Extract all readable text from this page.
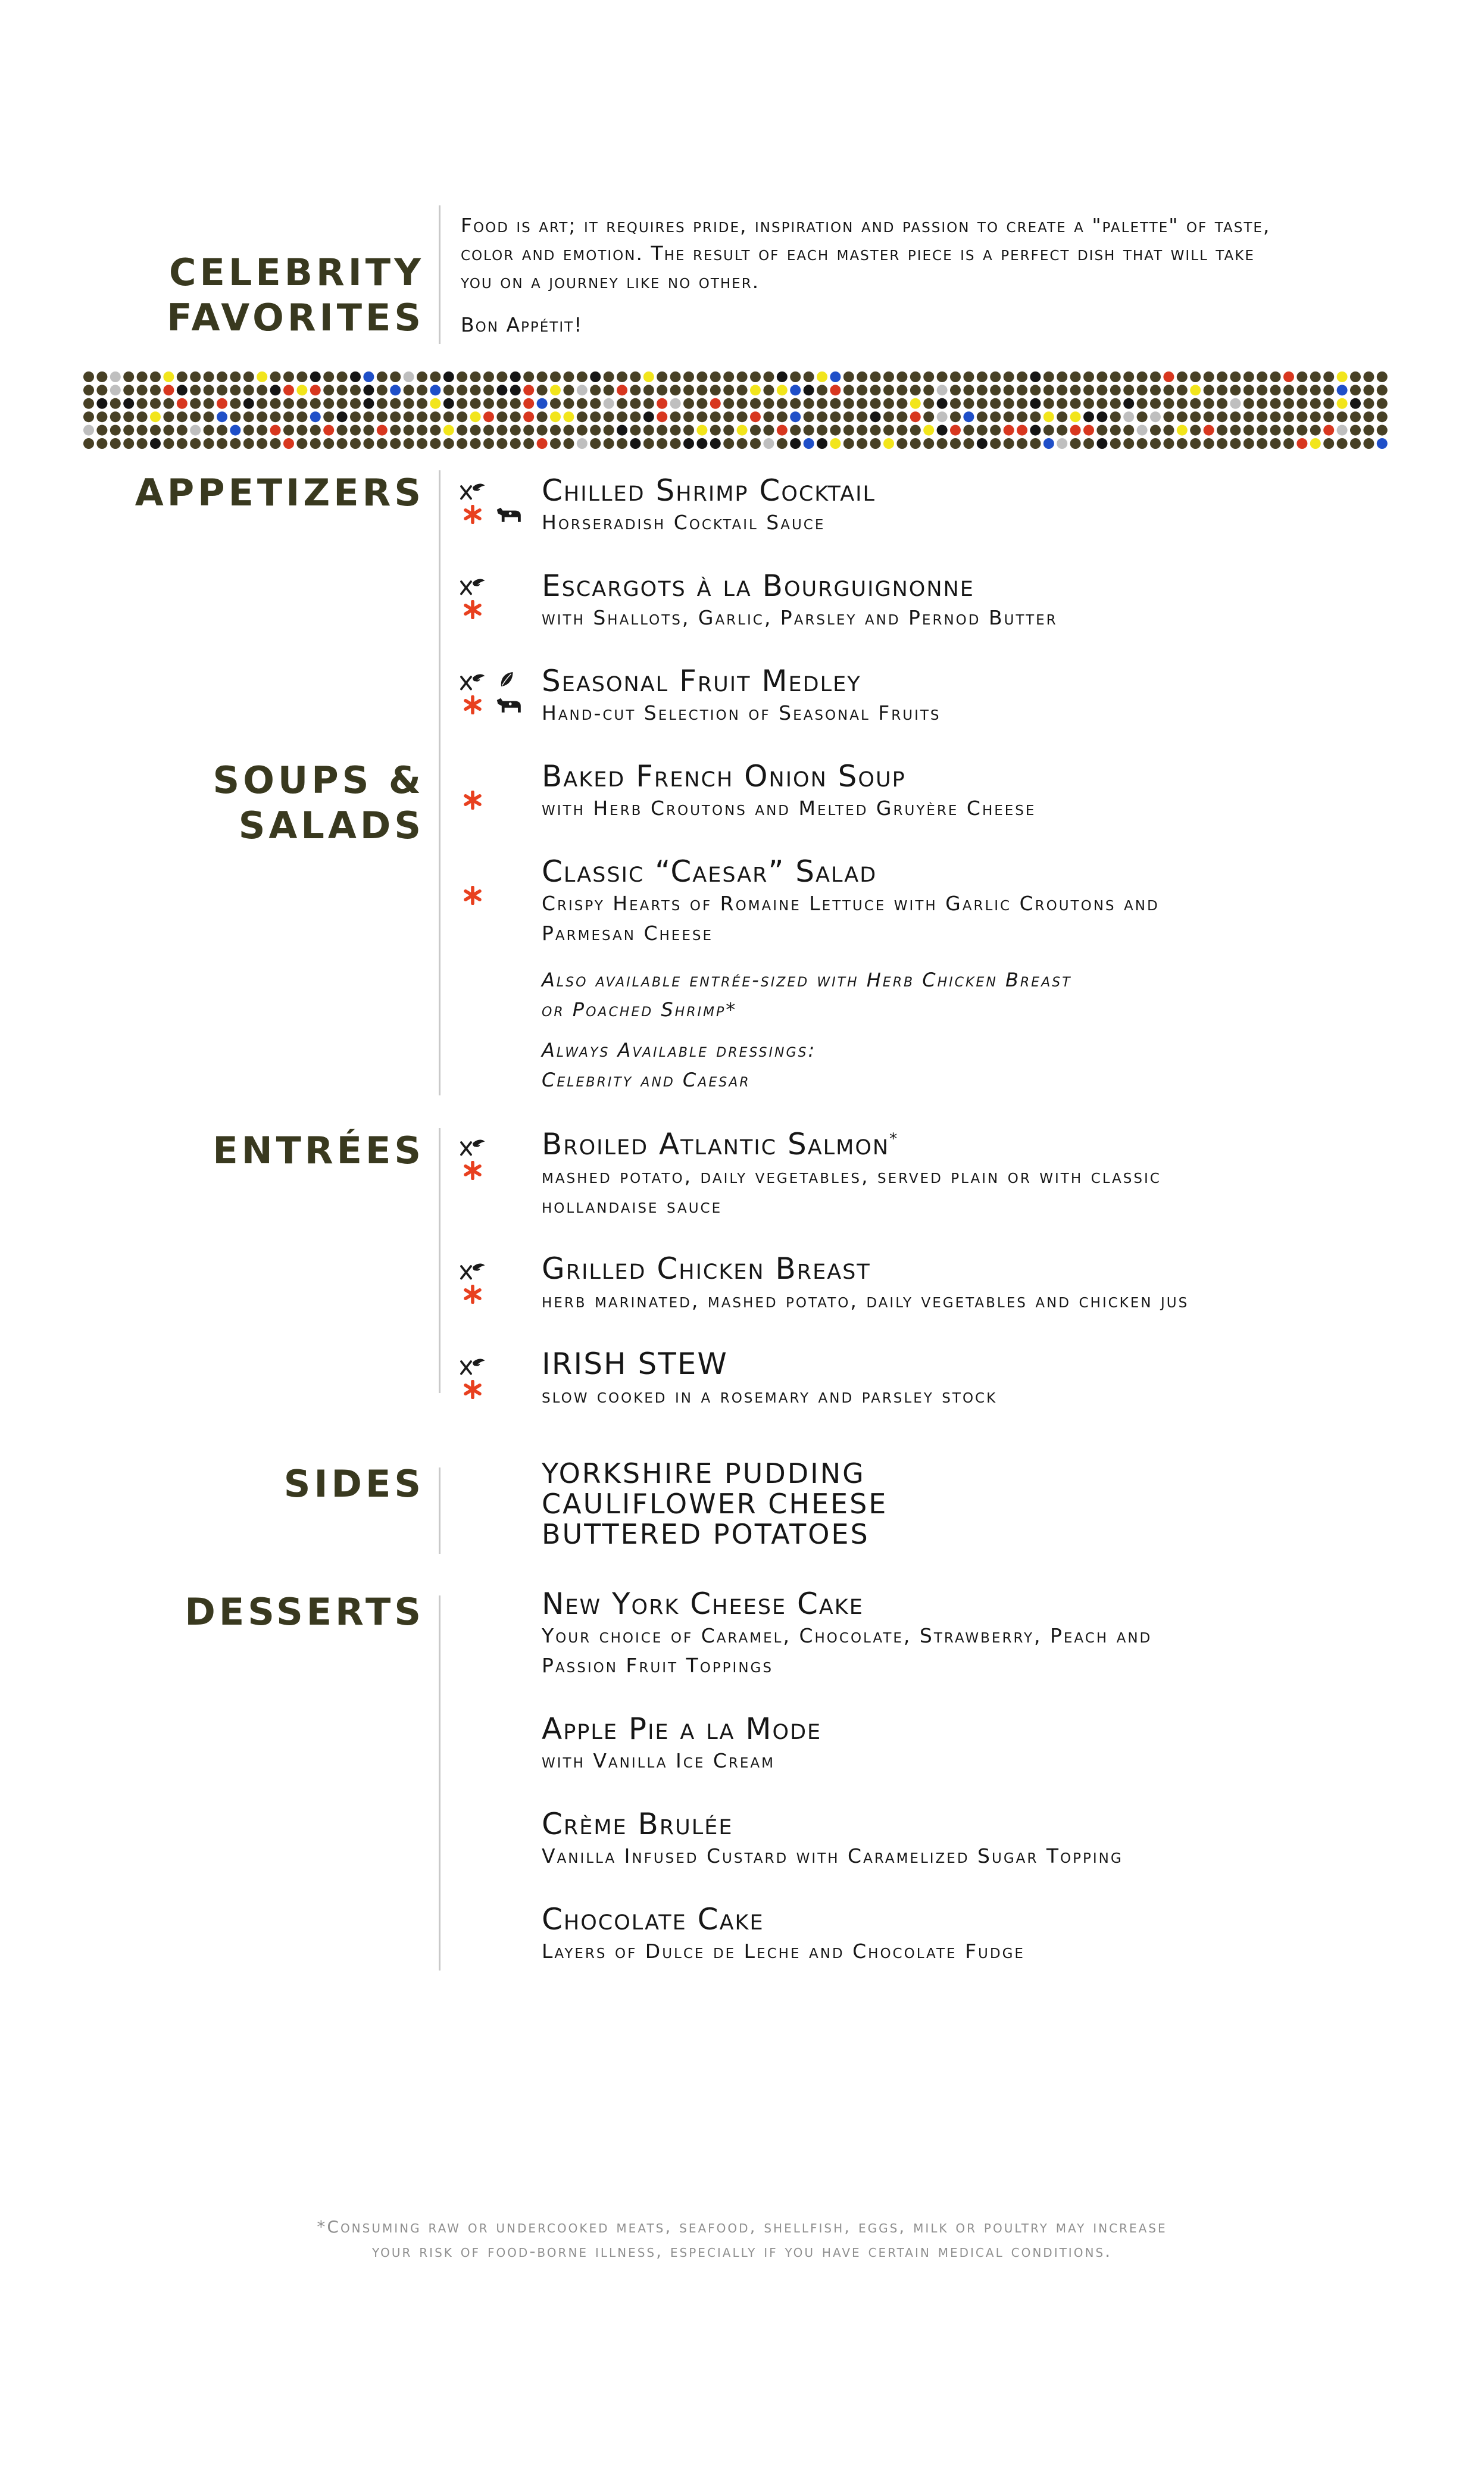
CELEBRITY
FAVORITES

Food is art; it requires pride, inspiration and passion to create a "palette" of taste,

color and emotion. The result of each master piece is a perfect dish that will take

you on a journey like no other.

Bon Appétit!

APPETIZERS	Chilled Shrimp Cocktail
Horseradish Cocktail Sauce
Escargots à la Bourguignonne
with Shallots, Garlic, Parsley and Pernod Butter
Seasonal Fruit Medley
Hand-cut Selection of Seasonal Fruits
SOUPS &
SALADS
Baked French Onion Soup
with Herb Croutons and Melted Gruyère Cheese
Classic “Caesar” Salad
Crispy Hearts of Romaine Lettuce with Garlic Croutons and
Parmesan Cheese
Also available entrée-sized with Herb Chicken Breast
or Poached Shrimp*
Always Available dressings:
Celebrity and Caesar
ENTRÉES	Broiled Atlantic Salmon*
mashed potato, daily vegetables, served plain or with classic
hollandaise sauce
Grilled Chicken Breast
herb marinated, mashed potato, daily vegetables and chicken jus
IRISH STEW
slow cooked in a rosemary and parsley stock
SIDES	YORKSHIRE PUDDING
CAULIFLOWER CHEESE
BUTTERED POTATOES
DESSERTS	New York Cheese Cake
Your choice of Caramel, Chocolate, Strawberry, Peach and
Passion Fruit Toppings
Apple Pie a la Mode
with Vanilla Ice Cream
Crème Brulée
Vanilla Infused Custard with Caramelized Sugar Topping
Chocolate Cake
Layers of Dulce de Leche and Chocolate Fudge
*Consuming raw or undercooked meats, seafood, shellfish, eggs, milk or poultry may increase
your risk of food-borne illness, especially if you have certain medical conditions.
